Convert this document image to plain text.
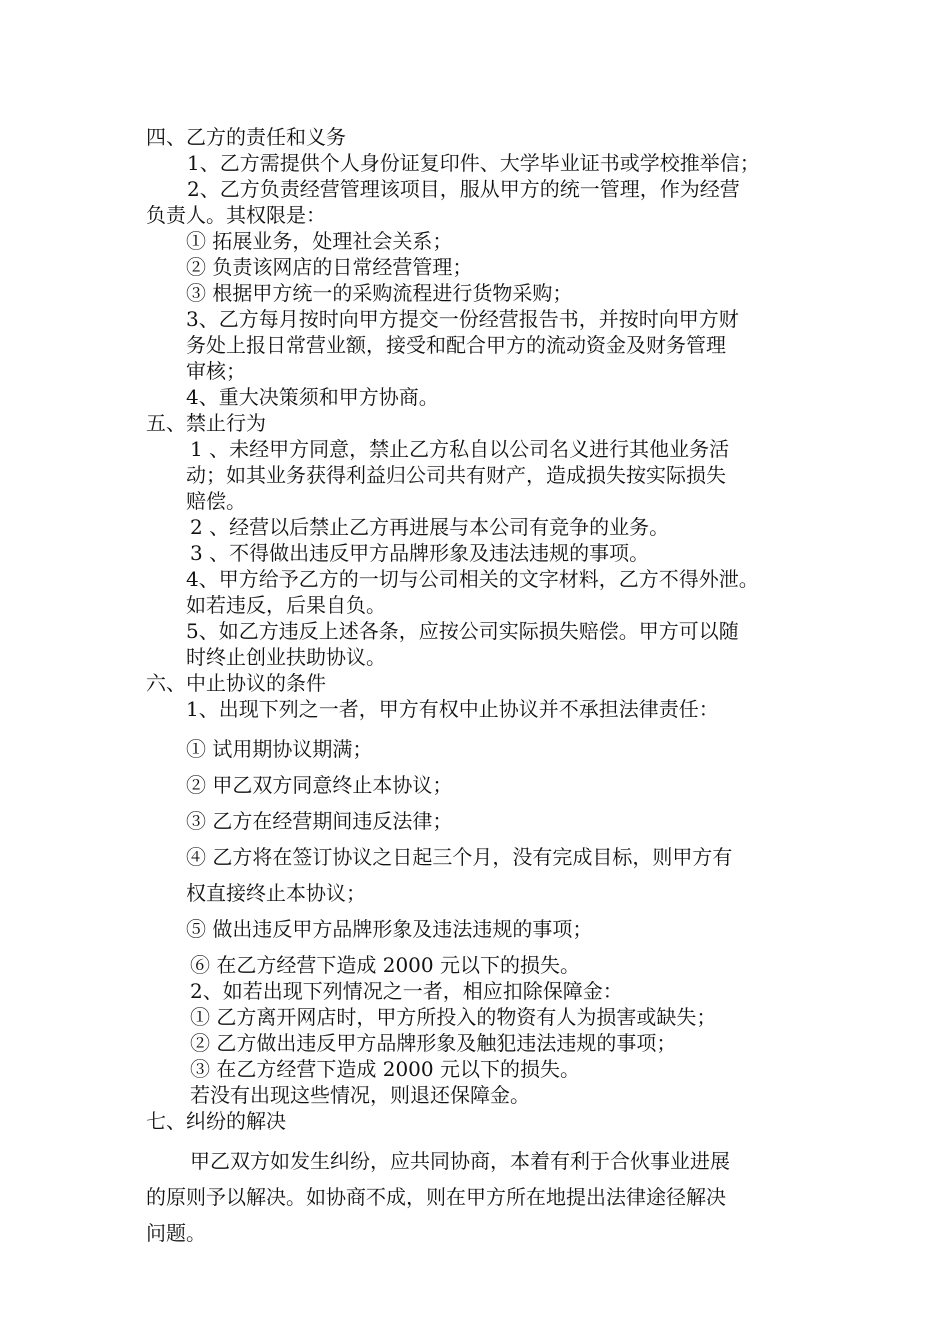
四、乙方的责任和义务
1、乙方需提供个人身份证复印件、大学毕业证书或学校推举信；
2、乙方负责经营管理该项目，服从甲方的统一管理，作为经营
负责人。其权限是：
① 拓展业务，处理社会关系；
② 负责该网店的日常经营管理；
③ 根据甲方统一的采购流程进行货物采购；
3、乙方每月按时向甲方提交一份经营报告书，并按时向甲方财
务处上报日常营业额，接受和配合甲方的流动资金及财务管理
审核；
4、重大决策须和甲方协商。
五、禁止行为
1 、未经甲方同意，禁止乙方私自以公司名义进行其他业务活
动；如其业务获得利益归公司共有财产，造成损失按实际损失
赔偿。
2 、经营以后禁止乙方再进展与本公司有竞争的业务。
3 、不得做出违反甲方品牌形象及违法违规的事项。
4、甲方给予乙方的一切与公司相关的文字材料，乙方不得外泄。
如若违反，后果自负。
5、如乙方违反上述各条，应按公司实际损失赔偿。甲方可以随
时终止创业扶助协议。
六、中止协议的条件
1、出现下列之一者，甲方有权中止协议并不承担法律责任：
① 试用期协议期满；
② 甲乙双方同意终止本协议；
③ 乙方在经营期间违反法律；
④ 乙方将在签订协议之日起三个月，没有完成目标，则甲方有
权直接终止本协议；
⑤ 做出违反甲方品牌形象及违法违规的事项；
⑥ 在乙方经营下造成 2000 元以下的损失。
2、如若出现下列情况之一者，相应扣除保障金：
① 乙方离开网店时，甲方所投入的物资有人为损害或缺失；
② 乙方做出违反甲方品牌形象及触犯违法违规的事项；
③ 在乙方经营下造成 2000 元以下的损失。
若没有出现这些情况，则退还保障金。
七、纠纷的解决
甲乙双方如发生纠纷，应共同协商，本着有利于合伙事业进展
的原则予以解决。如协商不成，则在甲方所在地提出法律途径解决
问题。
